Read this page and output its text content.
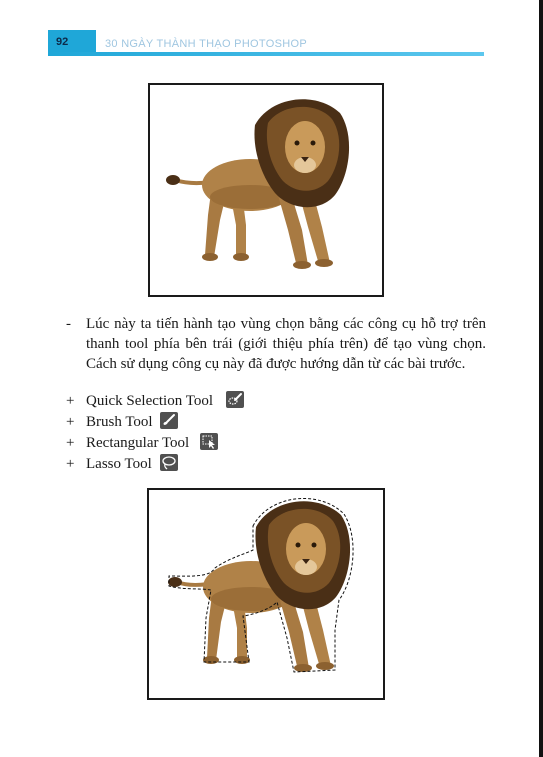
92	30 NGÀY THÀNH THẠO PHOTOSHOP
- Lúc này ta tiến hành tạo vùng chọn bằng các công cụ hỗ trợ trên thanh tool phía bên trái (giới thiệu phía trên) để tạo vùng chọn. Cách sử dụng công cụ này đã được hướng dẫn từ các bài trước.
+ Quick Selection Tool
+ Brush Tool
+ Rectangular Tool
+ Lasso Tool
